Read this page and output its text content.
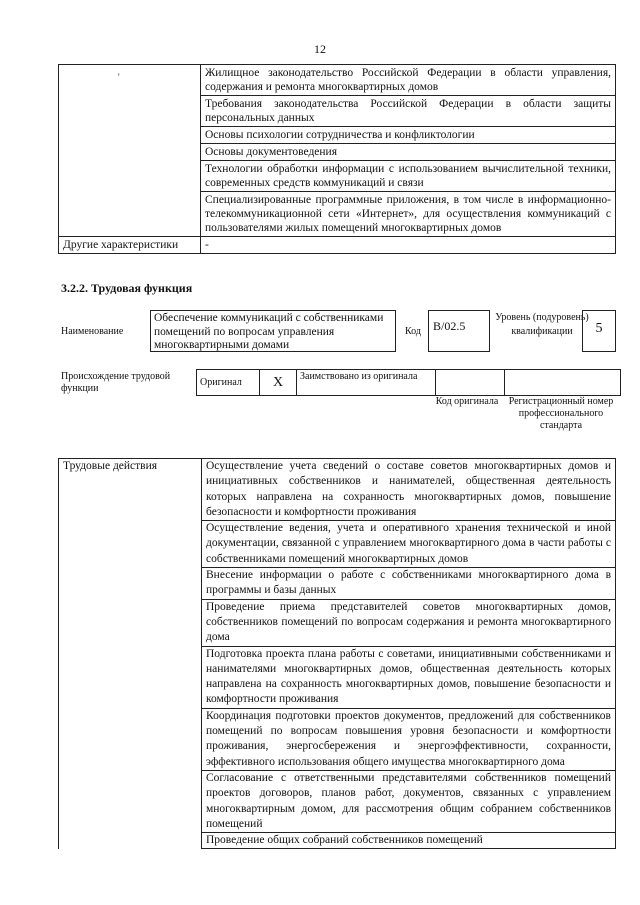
12
'
		Жилищное законодательство Российской Федерации в области управления, содержания и ремонта многоквартирных домов
	Требования законодательства Российской Федерации в области защиты персональных данных
	Основы психологии сотрудничества и конфликтологии
	Основы документоведения
	Технологии обработки информации с использованием вычислительной техники, современных средств коммуникаций и связи
	Специализированные программные приложения, в том числе в информационно-телекоммуникационной сети «Интернет», для осуществления коммуникаций с пользователями жилых помещений многоквартирных домов
Другие характеристики	-
3.2.2. Трудовая функция
Наименование
Обеспечение коммуникаций с собственниками помещений по вопросам управления многоквартирными домами
Код	B/02.5
Уровень (подуровень) квалификации	5
Происхождение трудовой функции
Оригинал	X	Заимствовано из оригинала		
Код оригинала	Регистрационный номер профессионального стандарта
Трудовые действия	Осуществление учета сведений о составе советов многоквартирных домов и инициативных собственников и нанимателей, общественная деятельность которых направлена на сохранность многоквартирных домов, повышение безопасности и комфортности проживания
Осуществление ведения, учета и оперативного хранения технической и иной документации, связанной с управлением многоквартирного дома в части работы с собственниками помещений многоквартирных домов
Внесение информации о работе с собственниками многоквартирного дома в программы и базы данных
Проведение приема представителей советов многоквартирных домов, собственников помещений по вопросам содержания и ремонта многоквартирного дома
Подготовка проекта плана работы с советами, инициативными собственниками и нанимателями многоквартирных домов, общественная деятельность которых направлена на сохранность многоквартирных домов, повышение безопасности и комфортности проживания
Координация подготовки проектов документов, предложений для собственников помещений по вопросам повышения уровня безопасности и комфортности проживания, энергосбережения и энергоэффективности, сохранности, эффективного использования общего имущества многоквартирного дома
Согласование с ответственными представителями собственников помещений проектов договоров, планов работ, документов, связанных с управлением многоквартирным домом, для рассмотрения общим собранием собственников помещений
Проведение общих собраний собственников помещений
